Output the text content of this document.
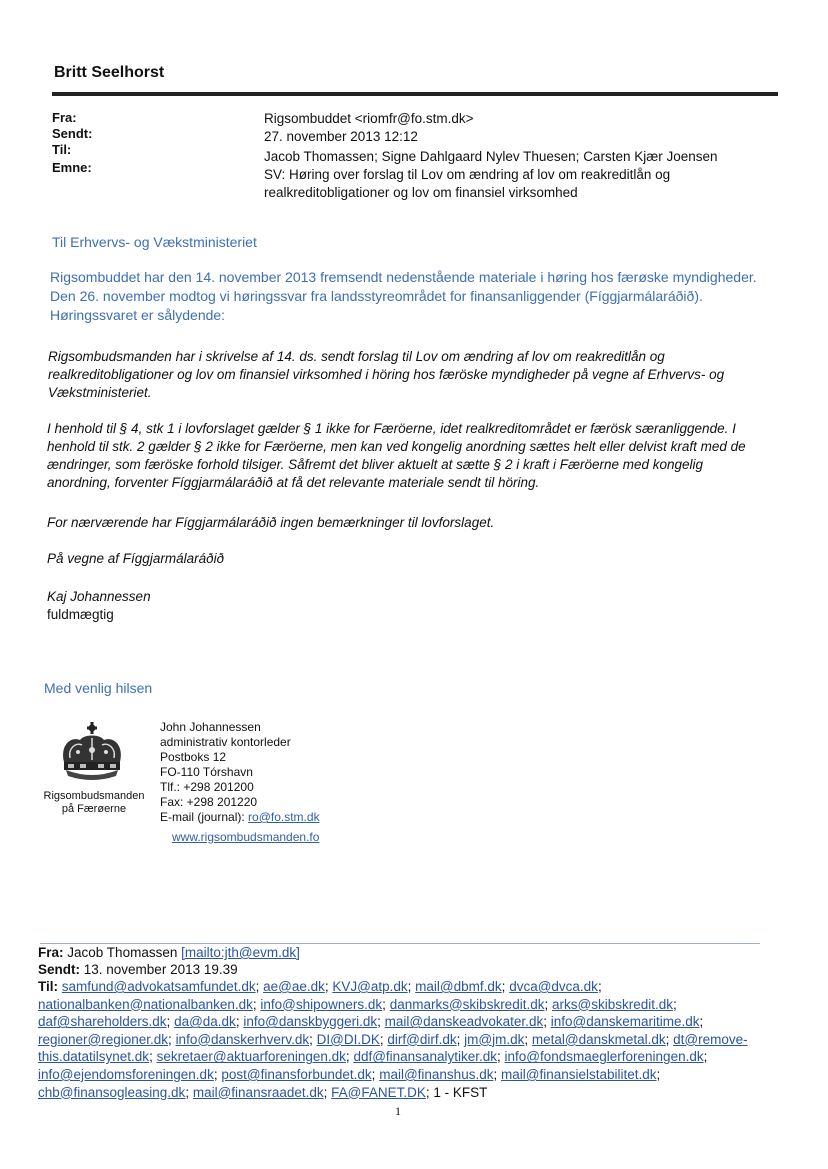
Britt Seelhorst
Fra:
Sendt:
Til:
Emne:
Rigsombuddet <riomfr@fo.stm.dk>
27. november 2013 12:12
Jacob Thomassen; Signe Dahlgaard Nylev Thuesen; Carsten Kjær Joensen
SV: Høring over forslag til Lov om ændring af lov om reakreditlån og realkreditobligationer og lov om finansiel virksomhed
Til Erhvervs- og Vækstministeriet
Rigsombuddet har den 14. november 2013 fremsendt nedenstående materiale i høring hos færøske myndigheder. Den 26. november modtog vi høringssvar fra landsstyreområdet for finansanliggender (Fíggjarmálaráðið). Høringssvaret er sålydende:
Rigsombudsmanden har i skrivelse af 14. ds. sendt forslag til Lov om ændring af lov om reakreditlån og realkreditobligationer og lov om finansiel virksomhed i höring hos færöske myndigheder på vegne af Erhvervs- og Vækstministeriet.
I henhold til § 4, stk 1 i lovforslaget gælder § 1 ikke for Færöerne, idet realkreditområdet er færösk særanliggende. I henhold til stk. 2 gælder § 2 ikke for Færöerne, men kan ved kongelig anordning sættes helt eller delvist kraft med de ændringer, som færöske forhold tilsiger. Såfremt det bliver aktuelt at sætte § 2 i kraft i Færöerne med kongelig anordning, forventer Fíggjarmálaráðið at få det relevante materiale sendt til höring.
For nærværende har Fíggjarmálaráðið ingen bemærkninger til lovforslaget.
På vegne af Fíggjarmálaráðið
Kaj Johannessen
fuldmægtig
Med venlig hilsen
Rigsombudsmanden
på Færøerne
John Johannessen
administrativ kontorleder
Postboks 12
FO-110 Tórshavn
Tlf.: +298 201200
Fax: +298 201220
E-mail (journal): ro@fo.stm.dk
www.rigsombudsmanden.fo
Fra: Jacob Thomassen [mailto:jth@evm.dk]
Sendt: 13. november 2013 19.39
Til: samfund@advokatsamfundet.dk; ae@ae.dk; KVJ@atp.dk; mail@dbmf.dk; dvca@dvca.dk; nationalbanken@nationalbanken.dk; info@shipowners.dk; danmarks@skibskredit.dk; arks@skibskredit.dk; daf@shareholders.dk; da@da.dk; info@danskbyggeri.dk; mail@danskeadvokater.dk; info@danskemaritime.dk; regioner@regioner.dk; info@danskerhverv.dk; DI@DI.DK; dirf@dirf.dk; jm@jm.dk; metal@danskmetal.dk; dt@remove-this.datatilsynet.dk; sekretaer@aktuarforeningen.dk; ddf@finansanalytiker.dk; info@fondsmaeglerforeningen.dk; info@ejendomsforeningen.dk; post@finansforbundet.dk; mail@finanshus.dk; mail@finansielstabilitet.dk; chb@finansogleasing.dk; mail@finansraadet.dk; FA@FANET.DK; 1 - KFST
1
